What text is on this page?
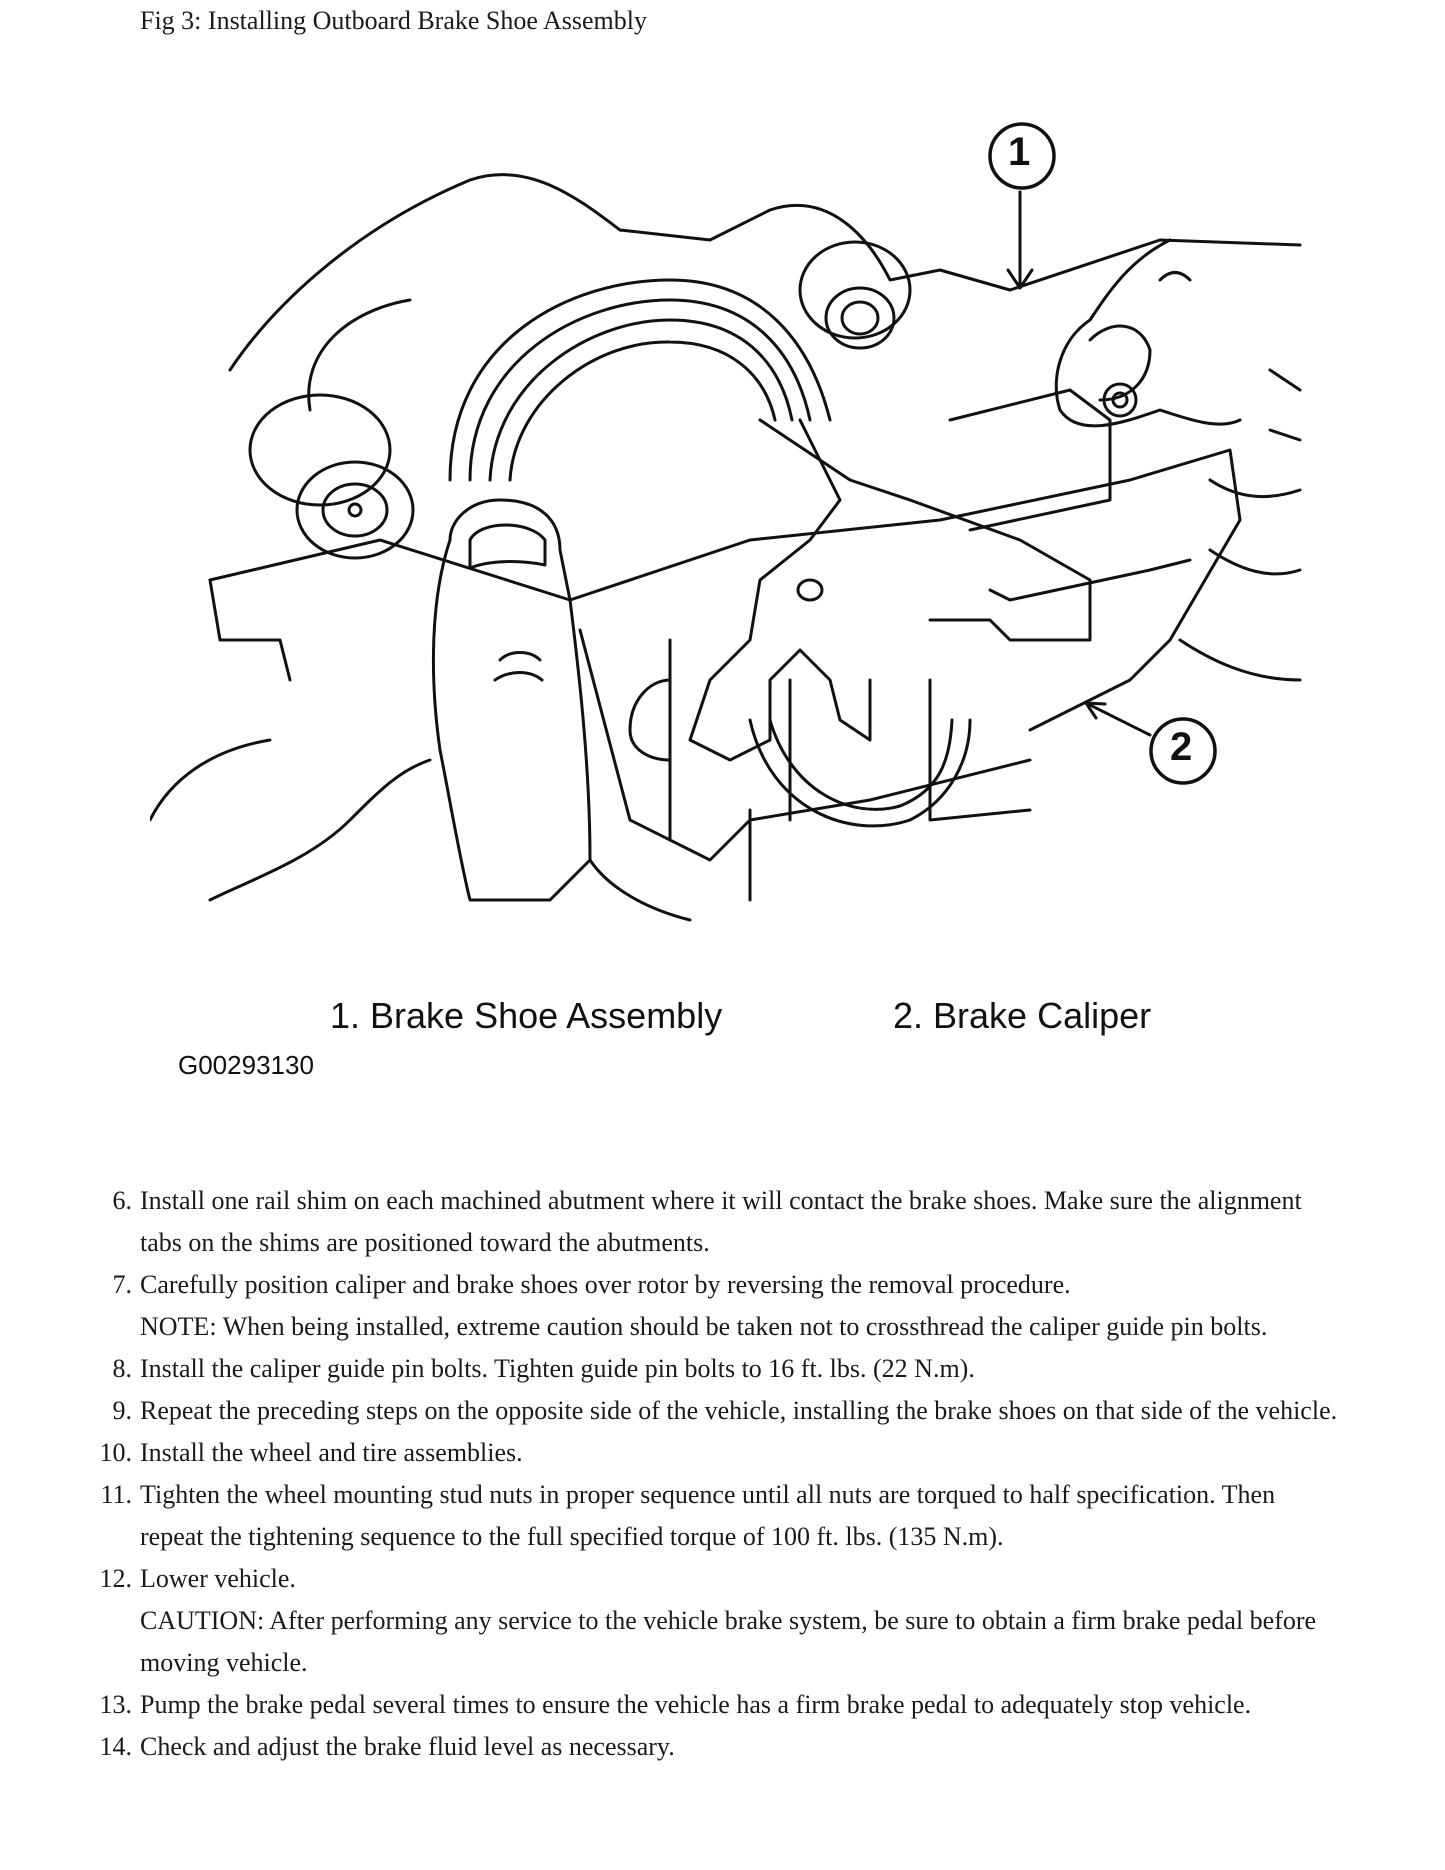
Fig 3: Installing Outboard Brake Shoe Assembly
1
2
1. Brake Shoe Assembly	2. Brake Caliper
G00293130
6. Install one rail shim on each machined abutment where it will contact the brake shoes. Make sure the alignment tabs on the shims are positioned toward the abutments.
7. Carefully position caliper and brake shoes over rotor by reversing the removal procedure.
NOTE: When being installed, extreme caution should be taken not to crossthread the caliper guide pin bolts.
8. Install the caliper guide pin bolts. Tighten guide pin bolts to 16 ft. lbs. (22 N.m).
9. Repeat the preceding steps on the opposite side of the vehicle, installing the brake shoes on that side of the vehicle.
10. Install the wheel and tire assemblies.
11. Tighten the wheel mounting stud nuts in proper sequence until all nuts are torqued to half specification. Then repeat the tightening sequence to the full specified torque of 100 ft. lbs. (135 N.m).
12. Lower vehicle.
CAUTION: After performing any service to the vehicle brake system, be sure to obtain a firm brake pedal before moving vehicle.
13. Pump the brake pedal several times to ensure the vehicle has a firm brake pedal to adequately stop vehicle.
14. Check and adjust the brake fluid level as necessary.
